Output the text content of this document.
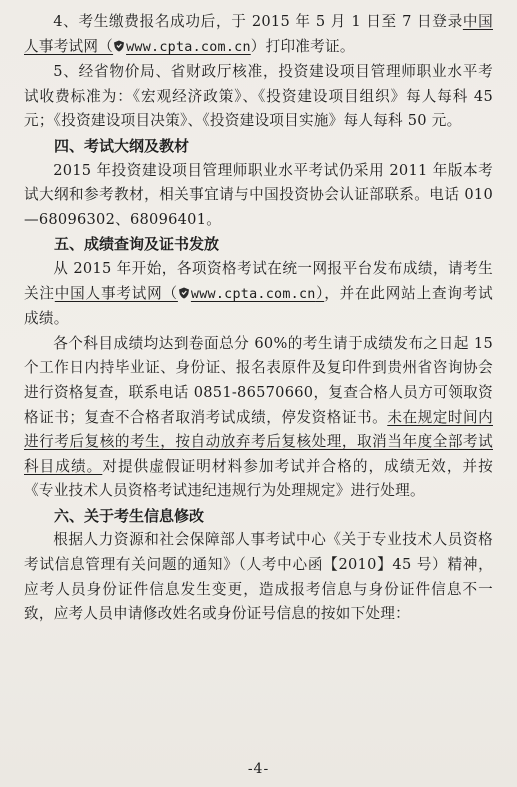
4、考生缴费报名成功后，于 2015 年 5 月 1 日至 7 日登录中国人事考试网（ www.cpta.com.cn）打印准考证。

5、经省物价局、省财政厅核准，投资建设项目管理师职业水平考试收费标准为：《宏观经济政策》、《投资建设项目组织》每人每科 45 元；《投资建设项目决策》、《投资建设项目实施》每人每科 50 元。

四、考试大纲及教材

2015 年投资建设项目管理师职业水平考试仍采用 2011 年版本考试大纲和参考教材，相关事宜请与中国投资协会认证部联系。电话 010—68096302、68096401。

五、成绩查询及证书发放

从 2015 年开始，各项资格考试在统一网报平台发布成绩，请考生关注中国人事考试网（ www.cpta.com.cn），并在此网站上查询考试成绩。

各个科目成绩均达到卷面总分 60%的考生请于成绩发布之日起 15 个工作日内持毕业证、身份证、报名表原件及复印件到贵州省咨询协会进行资格复查，联系电话 0851-86570660，复查合格人员方可领取资格证书；复查不合格者取消考试成绩，停发资格证书。未在规定时间内进行考后复核的考生，按自动放弃考后复核处理，取消当年度全部考试科目成绩。对提供虚假证明材料参加考试并合格的，成绩无效，并按《专业技术人员资格考试违纪违规行为处理规定》进行处理。

六、关于考生信息修改

根据人力资源和社会保障部人事考试中心《关于专业技术人员资格考试信息管理有关问题的通知》（人考中心函【2010】45 号）精神，应考人员身份证件信息发生变更，造成报考信息与身份证件信息不一致，应考人员申请修改姓名或身份证号信息的按如下处理：

-4-
